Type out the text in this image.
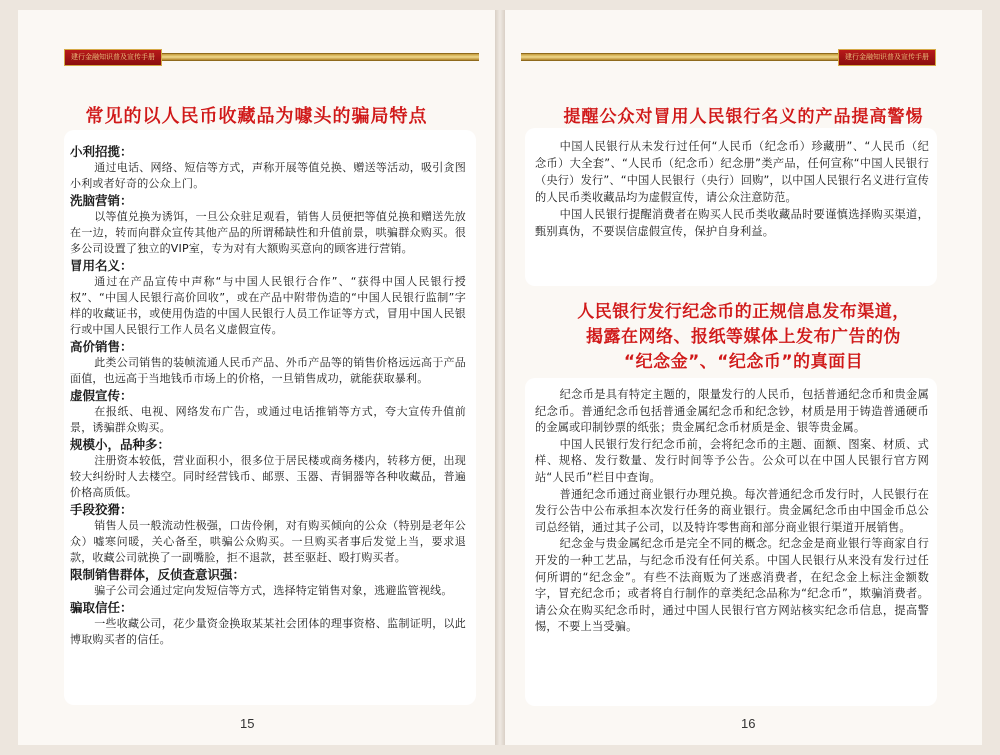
建行金融知识普及宣传手册
常见的以人民币收藏品为噱头的骗局特点
小利招揽：
通过电话、网络、短信等方式，声称开展等值兑换、赠送等活动，吸引贪图小利或者好奇的公众上门。
洗脑营销：
以等值兑换为诱饵，一旦公众驻足观看，销售人员便把等值兑换和赠送先放在一边，转而向群众宣传其他产品的所谓稀缺性和升值前景，哄骗群众购买。很多公司设置了独立的VIP室，专为对有大额购买意向的顾客进行营销。
冒用名义：
通过在产品宣传中声称“与中国人民银行合作”、“获得中国人民银行授权”、“中国人民银行高价回收”，或在产品中附带伪造的“中国人民银行监制”字样的收藏证书，或使用伪造的中国人民银行人员工作证等方式，冒用中国人民银行或中国人民银行工作人员名义虚假宣传。
高价销售：
此类公司销售的装帧流通人民币产品、外币产品等的销售价格远远高于产品面值，也远高于当地钱币市场上的价格，一旦销售成功，就能获取暴利。
虚假宣传：
在报纸、电视、网络发布广告，或通过电话推销等方式，夸大宣传升值前景，诱骗群众购买。
规模小，品种多：
注册资本较低，营业面积小，很多位于居民楼或商务楼内，转移方便，出现较大纠纷时人去楼空。同时经营钱币、邮票、玉器、青铜器等各种收藏品，普遍价格高质低。
手段狡猾：
销售人员一般流动性极强，口齿伶俐，对有购买倾向的公众（特别是老年公众）嘘寒问暖，关心备至，哄骗公众购买。一旦购买者事后发觉上当，要求退款，收藏公司就换了一副嘴脸，拒不退款，甚至驱赶、殴打购买者。
限制销售群体，反侦查意识强：
骗子公司会通过定向发短信等方式，选择特定销售对象，逃避监管视线。
骗取信任：
一些收藏公司，花少量资金换取某某社会团体的理事资格、监制证明，以此博取购买者的信任。
15
建行金融知识普及宣传手册
提醒公众对冒用人民银行名义的产品提高警惕
中国人民银行从未发行过任何“人民币（纪念币）珍藏册”、“人民币（纪念币）大全套”、“人民币（纪念币）纪念册”类产品，任何宣称“中国人民银行（央行）发行”、“中国人民银行（央行）回购”，以中国人民银行名义进行宣传的人民币类收藏品均为虚假宣传，请公众注意防范。
中国人民银行提醒消费者在购买人民币类收藏品时要谨慎选择购买渠道，甄别真伪，不要误信虚假宣传，保护自身利益。
人民银行发行纪念币的正规信息发布渠道，
揭露在网络、报纸等媒体上发布广告的伪
“纪念金”、“纪念币”的真面目
纪念币是具有特定主题的，限量发行的人民币，包括普通纪念币和贵金属纪念币。普通纪念币包括普通金属纪念币和纪念钞，材质是用于铸造普通硬币的金属或印制钞票的纸张；贵金属纪念币材质是金、银等贵金属。
中国人民银行发行纪念币前，会将纪念币的主题、面额、图案、材质、式样、规格、发行数量、发行时间等予公告。公众可以在中国人民银行官方网站“人民币”栏目中查询。
普通纪念币通过商业银行办理兑换。每次普通纪念币发行时，人民银行在发行公告中公布承担本次发行任务的商业银行。贵金属纪念币由中国金币总公司总经销，通过其子公司，以及特许零售商和部分商业银行渠道开展销售。
纪念金与贵金属纪念币是完全不同的概念。纪念金是商业银行等商家自行开发的一种工艺品，与纪念币没有任何关系。中国人民银行从来没有发行过任何所谓的“纪念金”。有些不法商贩为了迷惑消费者，在纪念金上标注金额数字，冒充纪念币；或者将自行制作的章类纪念品称为“纪念币”，欺骗消费者。请公众在购买纪念币时，通过中国人民银行官方网站核实纪念币信息，提高警惕，不要上当受骗。
16
